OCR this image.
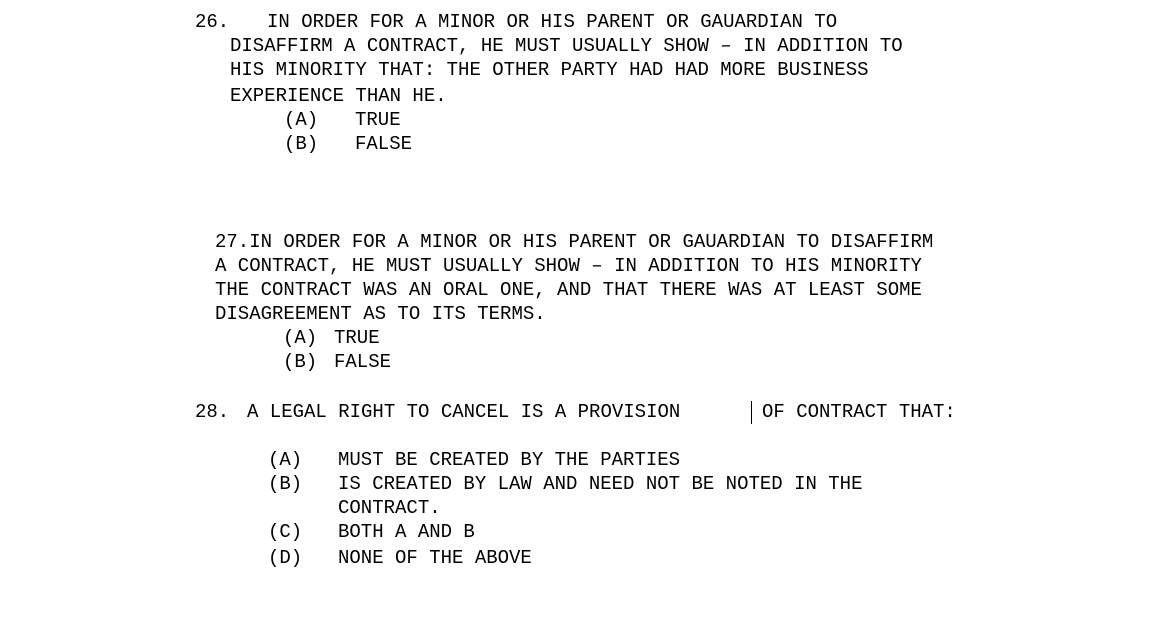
26. IN ORDER FOR A MINOR OR HIS PARENT OR GAUARDIAN TO
DISAFFIRM A CONTRACT, HE MUST USUALLY SHOW – IN ADDITION TO
HIS MINORITY THAT: THE OTHER PARTY HAD HAD MORE BUSINESS
EXPERIENCE THAN HE.
(A) TRUE
(B) FALSE
27.IN ORDER FOR A MINOR OR HIS PARENT OR GAUARDIAN TO DISAFFIRM
A CONTRACT, HE MUST USUALLY SHOW – IN ADDITION TO HIS MINORITY
THE CONTRACT WAS AN ORAL ONE, AND THAT THERE WAS AT LEAST SOME
DISAGREEMENT AS TO ITS TERMS.
(A) TRUE
(B) FALSE
28. A LEGAL RIGHT TO CANCEL IS A PROVISION	OF CONTRACT THAT:
(A) MUST BE CREATED BY THE PARTIES
(B) IS CREATED BY LAW AND NEED NOT BE NOTED IN THE
CONTRACT.
(C) BOTH A AND B
(D) NONE OF THE ABOVE
